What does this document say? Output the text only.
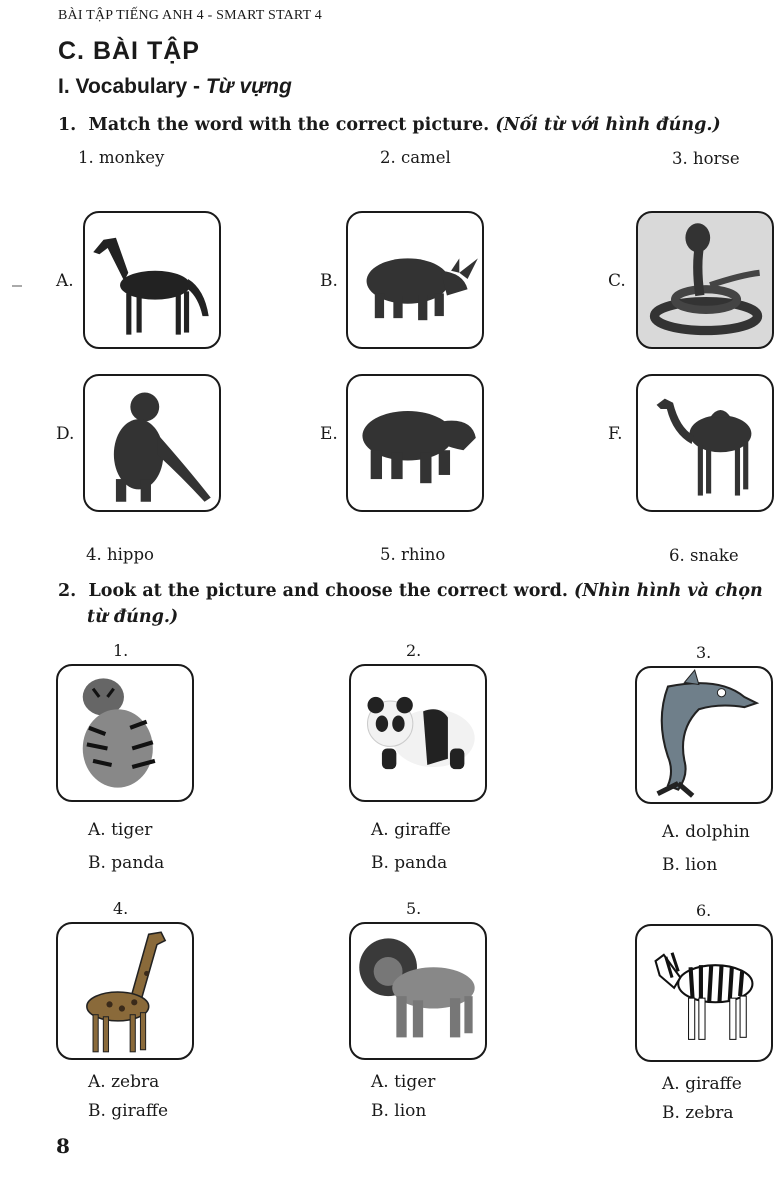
BÀI TẬP TIẾNG ANH 4 - SMART START 4
C. BÀI TẬP
I. Vocabulary - Từ vựng
1. Match the word with the correct picture. (Nối từ với hình đúng.)
1. monkey	2. camel	3. horse
A.	B.	C.
D.	E.	F.
4. hippo	5. rhino	6. snake
2. Look at the picture and choose the correct word. (Nhìn hình và chọn
từ đúng.)
1.
A. tiger
B. panda
2.
A. giraffe
B. panda
3.
A. dolphin
B. lion
4.
A. zebra
B. giraffe
5.
A. tiger
B. lion
6.
A. giraffe
B. zebra
8
